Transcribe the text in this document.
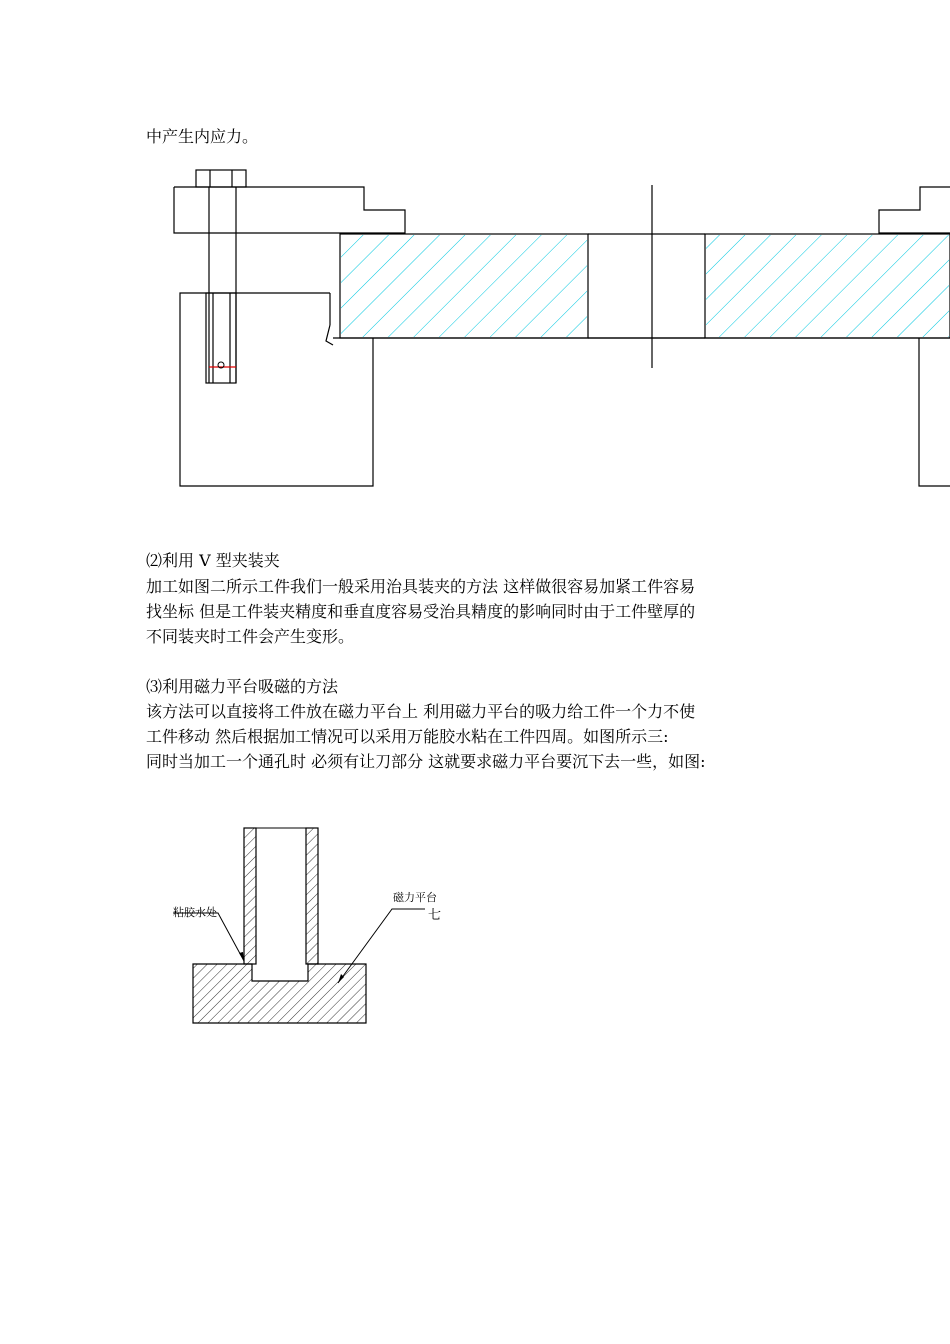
中产生内应力。

⑵利用 V 型夹装夹

加工如图二所示工件我们一般采用治具装夹的方法 这样做很容易加紧工件容易

找坐标 但是工件装夹精度和垂直度容易受治具精度的影响同时由于工件壁厚的

不同装夹时工件会产生变形。

⑶利用磁力平台吸磁的方法

该方法可以直接将工件放在磁力平台上 利用磁力平台的吸力给工件一个力不使

工件移动 然后根据加工情况可以采用万能胶水粘在工件四周。如图所示三:

同时当加工一个通孔时 必须有让刀部分 这就要求磁力平台要沉下去一些，如图:

粘胶水处
磁力平台
七
